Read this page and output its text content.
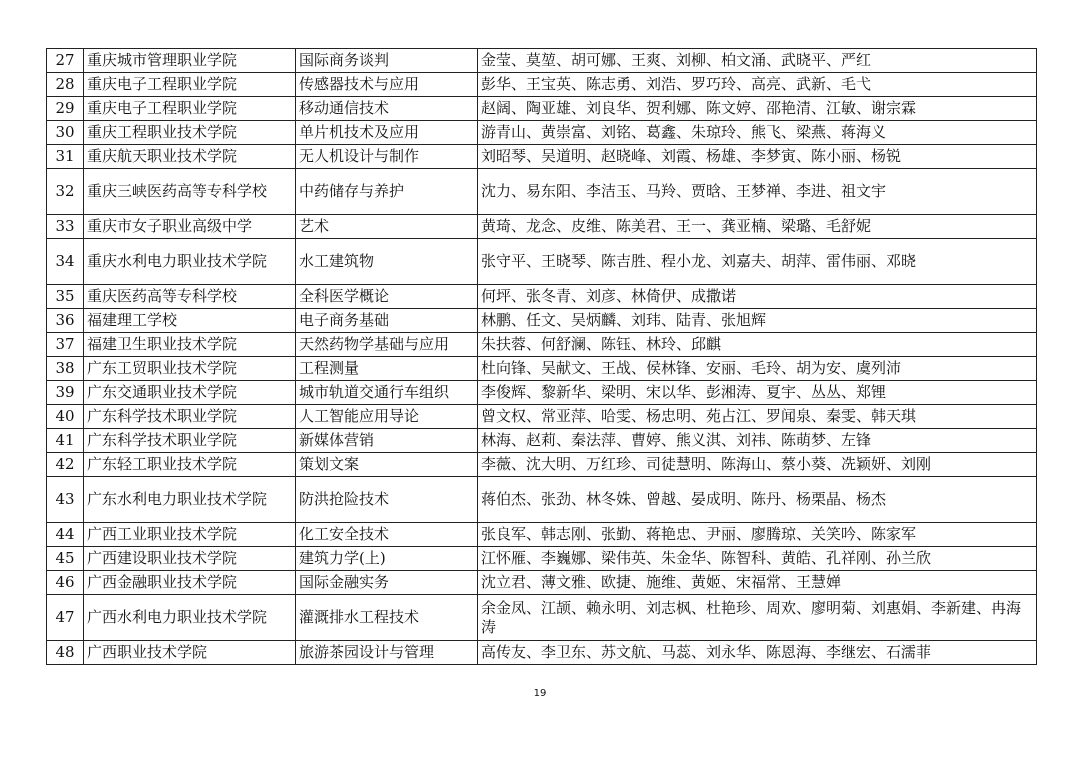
27	重庆城市管理职业学院	国际商务谈判	金莹、莫堃、胡可娜、王爽、刘柳、柏文涌、武晓平、严红
28	重庆电子工程职业学院	传感器技术与应用	彭华、王宝英、陈志勇、刘浩、罗巧玲、高亮、武新、毛弋
29	重庆电子工程职业学院	移动通信技术	赵阔、陶亚雄、刘良华、贺利娜、陈文婷、邵艳清、江敏、谢宗霖
30	重庆工程职业技术学院	单片机技术及应用	游青山、黄崇富、刘铭、葛鑫、朱琼玲、熊飞、梁燕、蒋海义
31	重庆航天职业技术学院	无人机设计与制作	刘昭琴、吴道明、赵晓峰、刘霞、杨雄、李梦寅、陈小丽、杨锐
32	重庆三峡医药高等专科学校	中药储存与养护	沈力、易东阳、李洁玉、马羚、贾晗、王梦禅、李进、祖文宇
33	重庆市女子职业高级中学	艺术	黄琦、龙念、皮维、陈美君、王一、龚亚楠、梁璐、毛舒妮
34	重庆水利电力职业技术学院	水工建筑物	张守平、王晓琴、陈吉胜、程小龙、刘嘉夫、胡萍、雷伟丽、邓晓
35	重庆医药高等专科学校	全科医学概论	何坪、张冬青、刘彦、林倚伊、成撒诺
36	福建理工学校	电子商务基础	林鹏、任文、吴炳麟、刘玮、陆青、张旭辉
37	福建卫生职业技术学院	天然药物学基础与应用	朱扶蓉、何舒澜、陈钰、林玲、邱麒
38	广东工贸职业技术学院	工程测量	杜向锋、吴献文、王战、侯林锋、安丽、毛玲、胡为安、虞列沛
39	广东交通职业技术学院	城市轨道交通行车组织	李俊辉、黎新华、梁明、宋以华、彭湘涛、夏宇、丛丛、郑锂
40	广东科学技术职业学院	人工智能应用导论	曾文权、常亚萍、哈雯、杨忠明、苑占江、罗闻泉、秦雯、韩天琪
41	广东科学技术职业学院	新媒体营销	林海、赵莉、秦法萍、曹婷、熊义淇、刘祎、陈萌梦、左锋
42	广东轻工职业技术学院	策划文案	李薇、沈大明、万红珍、司徒慧明、陈海山、蔡小葵、冼颖妍、刘刚
43	广东水利电力职业技术学院	防洪抢险技术	蒋伯杰、张劲、林冬姝、曾越、晏成明、陈丹、杨栗晶、杨杰
44	广西工业职业技术学院	化工安全技术	张良军、韩志刚、张勤、蒋艳忠、尹丽、廖腾琼、关笑吟、陈家军
45	广西建设职业技术学院	建筑力学(上)	江怀雁、李巍娜、梁伟英、朱金华、陈智科、黄皓、孔祥刚、孙兰欣
46	广西金融职业技术学院	国际金融实务	沈立君、薄文雅、欧捷、施维、黄姬、宋福常、王慧婵
47	广西水利电力职业技术学院	灌溉排水工程技术	余金凤、江颉、赖永明、刘志枫、杜艳珍、周欢、廖明菊、刘惠娟、李新建、冉海涛
48	广西职业技术学院	旅游茶园设计与管理	高传友、李卫东、苏文航、马蕊、刘永华、陈恩海、李继宏、石濡菲
19
